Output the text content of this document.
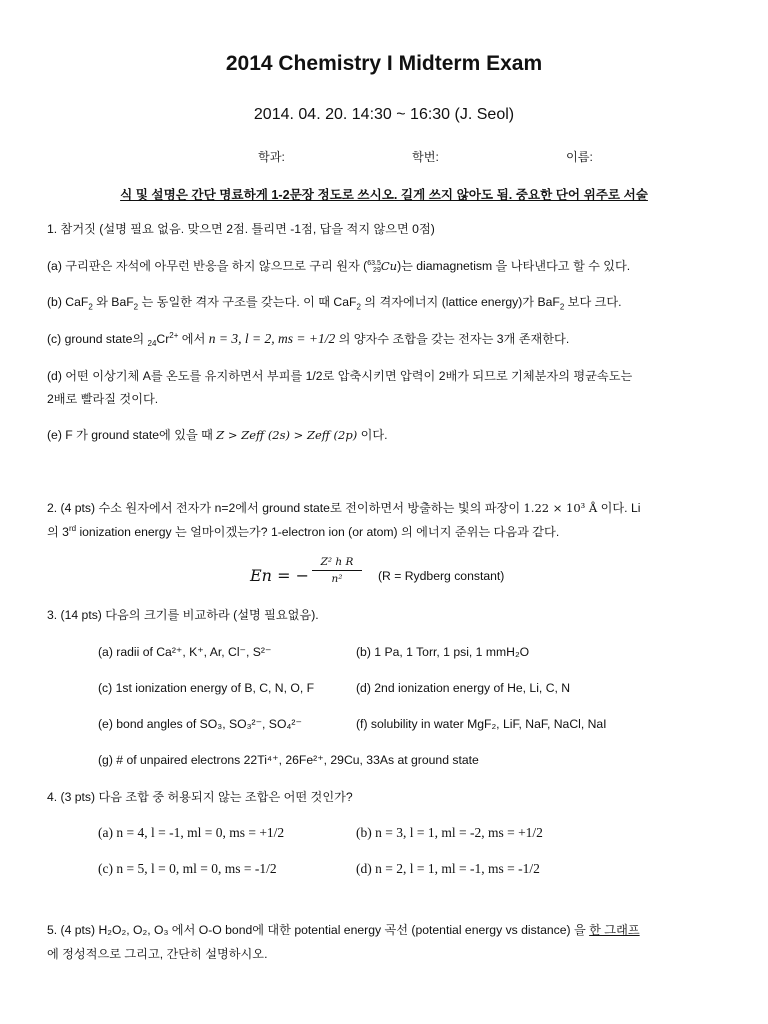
2014 Chemistry I Midterm Exam
2014. 04. 20. 14:30 ~ 16:30 (J. Seol)
학과:	학번:	이름:
식 및 설명은 간단 명료하게 1-2문장 정도로 쓰시오. 길게 쓰지 않아도 됨. 중요한 단어 위주로 서술
1. 참거짓 (설명 필요 없음. 맞으면 2점. 틀리면 -1점, 답을 적지 않으면 0점)
(a) 구리판은 자석에 아무런 반응을 하지 않으므로 구리 원자 ( 63.5
29 Cu)는 diamagnetism 을 나타낸다고 할 수 있다.
(b) CaF$_2$ 와 BaF$_2$ 는 동일한 격자 구조를 갖는다. 이 때 CaF$_2$ 의 격자에너지 (lattice energy)가 BaF$_2$ 보다 크다.
(c) ground state의 $_{24}Cr^{2+}$ 에서 n = 3, l = 2, ms = +1/2 의 양자수 조합을 갖는 전자는 3개 존재한다.
(d) 어떤 이상기체 A를 온도를 유지하면서 부피를 1/2로 압축시키면 압력이 2배가 되므로 기체분자의 평균속도는
2배로 빨라질 것이다.
(e) F 가 ground state에 있을 때 Z > Zeff (2s) > Zeff (2p) 이다.
2. (4 pts) 수소 원자에서 전자가 n=2에서 ground state로 전이하면서 방출하는 빛의 파장이 1.22 × 10³ Å 이다. Li
의 3rd ionization energy 는 얼마이겠는가? 1-electron ion (or atom) 의 에너지 준위는 다음과 같다.
En = − $\frac{\text{Z² h R}}{\text{n²}} (R$ = Rydberg constant)
3. (14 pts) 다음의 크기를 비교하라 (설명 필요없음).
(a) radii of Ca²⁺, K⁺, Ar, Cl⁻, S²⁻	(b) 1 Pa, 1 Torr, 1 psi, 1 mmH₂O
(c) 1st ionization energy of B, C, N, O, F	(d) 2nd ionization energy of He, Li, C, N
(e) bond angles of SO₃, SO₃²⁻, SO₄²⁻	(f) solubility in water MgF₂, LiF, NaF, NaCl, NaI
(g) # of unpaired electrons 22Ti⁴⁺, 26Fe²⁺, 29Cu, 33As at ground state
4. (3 pts) 다음 조합 중 허용되지 않는 조합은 어떤 것인가?
(a) n = 4, l = -1, ml = 0, ms = +1/2	(b) n = 3, l = 1, ml = -2, ms = +1/2
(c) n = 5, l = 0, ml = 0, ms = -1/2	(d) n = 2, l = 1, ml = -1, ms = -1/2
5. (4 pts) H₂O₂, O₂, O₃ 에서 O-O bond에 대한 potential energy 곡선 (potential energy vs distance) 을 한 그래프
에 정성적으로 그리고, 간단히 설명하시오.
